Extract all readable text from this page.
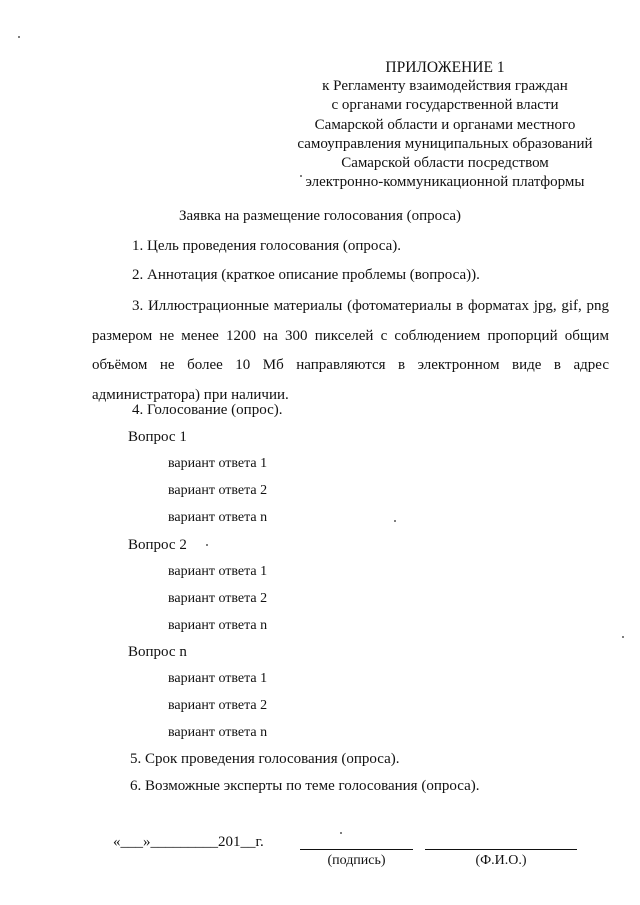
ПРИЛОЖЕНИЕ 1
к Регламенту взаимодействия граждан
с органами государственной власти
Самарской области и органами местного
самоуправления муниципальных образований
Самарской области посредством
электронно-коммуникационной платформы
Заявка на размещение голосования (опроса)
1. Цель проведения голосования (опроса).
2. Аннотация (краткое описание проблемы (вопроса)).
3. Иллюстрационные материалы (фотоматериалы в форматах jpg, gif, png размером не менее 1200 на 300 пикселей с соблюдением пропорций общим объёмом не более 10 Мб направляются в электронном виде в адрес администратора) при наличии.
4. Голосование (опрос).
Вопрос 1
вариант ответа 1
вариант ответа 2
вариант ответа n
Вопрос 2
вариант ответа 1
вариант ответа 2
вариант ответа n
Вопрос n
вариант ответа 1
вариант ответа 2
вариант ответа n
5. Срок проведения голосования (опроса).
6. Возможные эксперты по теме голосования (опроса).
«___»_________201__г.
(подпись)	(Ф.И.О.)
